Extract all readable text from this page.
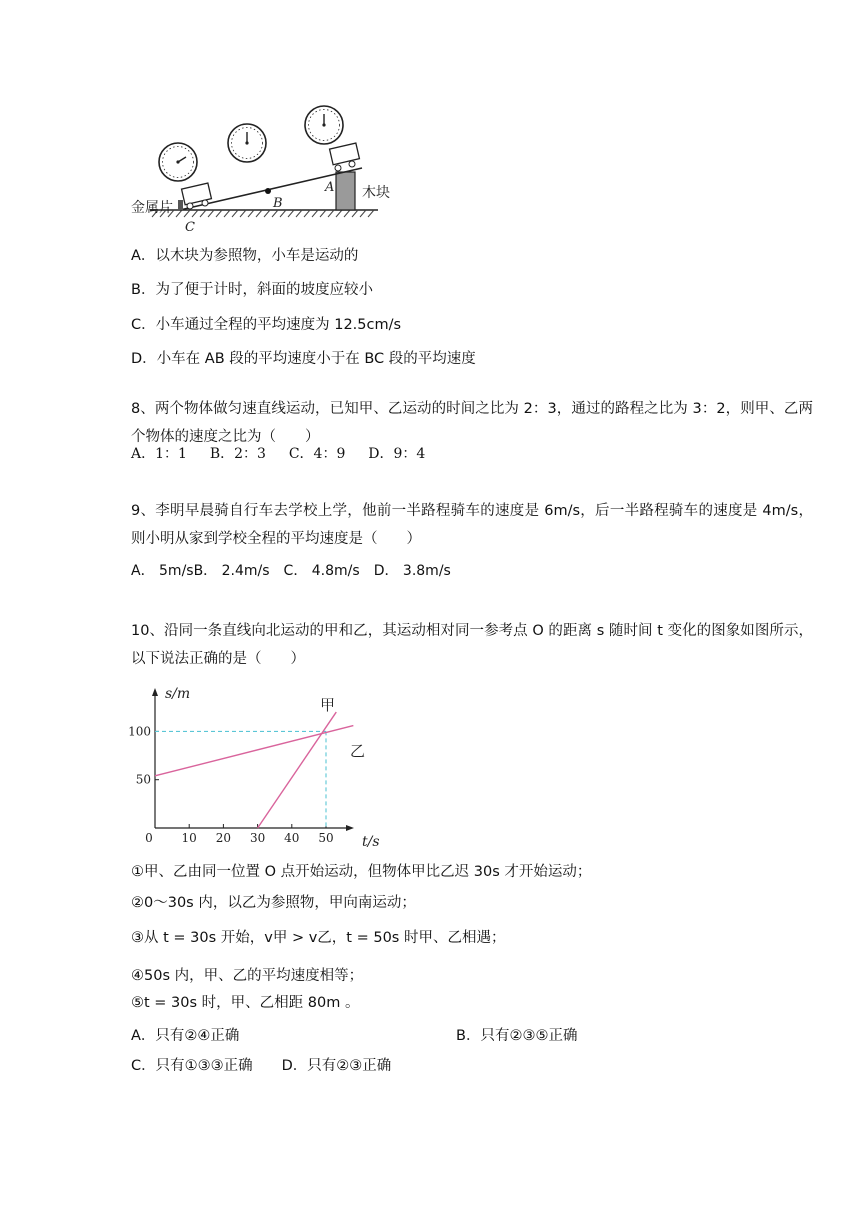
金属片
木块
A
B
C
A．以木块为参照物，小车是运动的
B．为了便于计时，斜面的坡度应较小
C．小车通过全程的平均速度为 12.5cm/s
D．小车在 AB 段的平均速度小于在 BC 段的平均速度
8、两个物体做匀速直线运动，已知甲、乙运动的时间之比为 2：3，通过的路程之比为 3：2，则甲、乙两个物体的速度之比为（　　）
A．1：1　  B．2：3　  C．4：9　  D．9：4
9、李明早晨骑自行车去学校上学，他前一半路程骑车的速度是 6m/s，后一半路程骑车的速度是 4m/s，则小明从家到学校全程的平均速度是（　　）
A． 5m/sB． 2.4m/s　C． 4.8m/s　D． 3.8m/s
10、沿同一条直线向北运动的甲和乙，其运动相对同一参考点 O 的距离 s 随时间 t 变化的图象如图所示，以下说法正确的是（　　）
0 10 20 30 40 50
50
100
甲
乙
s/m
t/s
①甲、乙由同一位置 O 点开始运动，但物体甲比乙迟 30s 才开始运动；
②0～30s 内，以乙为参照物，甲向南运动；
③从 t = 30s 开始，v甲 > v乙，t = 50s 时甲、乙相遇；
④50s 内，甲、乙的平均速度相等；
⑤t = 30s 时，甲、乙相距 80m 。
A．只有②④正确	B．只有②③⑤正确
C．只有①③③正确　　D．只有②③正确
